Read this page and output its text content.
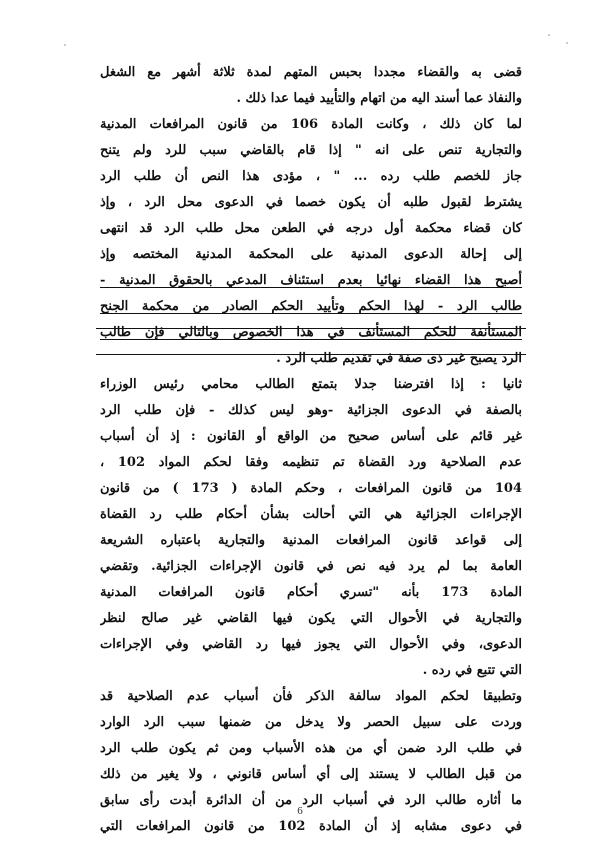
قضى به والقضاء مجددا بحبس المتهم لمدة ثلاثة أشهر مع الشغل
والنفاذ عما أسند اليه من اتهام والتأييد فيما عدا ذلك .
لما كان ذلك ، وكانت المادة 106 من قانون المرافعات المدنية
والتجارية تنص على انه " إذا قام بالقاضي سبب للرد ولم يتنح
جاز للخصم طلب رده ... " ، مؤدى هذا النص أن طلب الرد
يشترط لقبول طلبه أن يكون خصما في الدعوى محل الرد ، وإذ
كان قضاء محكمة أول درجه في الطعن محل طلب الرد قد انتهى
إلى إحالة الدعوى المدنية على المحكمة المدنية المختصه وإذ
أصبح هذا القضاء نهائيا بعدم استئناف المدعي بالحقوق المدنية -
طالب الرد - لهذا الحكم وتأييد الحكم الصادر من محكمة الجنح
المستأنفة للحكم المستأنف في هذا الخصوص وبالتالي فإن طالب
الرد يصبح غير ذى صفة في تقديم طلب الرد .
ثانيا : إذا افترضنا جدلا بتمتع الطالب محامي رئيس الوزراء
بالصفة في الدعوى الجزائية -وهو ليس كذلك - فإن طلب الرد
غير قائم على أساس صحيح من الواقع أو القانون : إذ أن أسباب
عدم الصلاحية ورد القضاة تم تنظيمه وفقا لحكم المواد 102 ،
104 من قانون المرافعات ، وحكم المادة ( 173 ) من قانون
الإجراءات الجزائية هي التي أحالت بشأن أحكام طلب رد القضاة
إلى قواعد قانون المرافعات المدنية والتجارية باعتباره الشريعة
العامة بما لم يرد فيه نص في قانون الإجراءات الجزائية. وتقضي
المادة 173 بأنه "تسري أحكام قانون المرافعات المدنية
والتجارية في الأحوال التي يكون فيها القاضي غير صالح لنظر
الدعوى، وفي الأحوال التي يجوز فيها رد القاضي وفي الإجراءات
التي تتبع في رده .
وتطبيقا لحكم المواد سالفة الذكر فأن أسباب عدم الصلاحية قد
وردت على سبيل الحصر ولا يدخل من ضمنها سبب الرد الوارد
في طلب الرد ضمن أي من هذه الأسباب ومن ثم يكون طلب الرد
من قبل الطالب لا يستند إلى أي أساس قانوني ، ولا يغير من ذلك
ما أثاره طالب الرد في أسباب الرد من أن الدائرة أبدت رأى سابق
في دعوى مشابه إذ أن المادة 102 من قانون المرافعات التي
6
